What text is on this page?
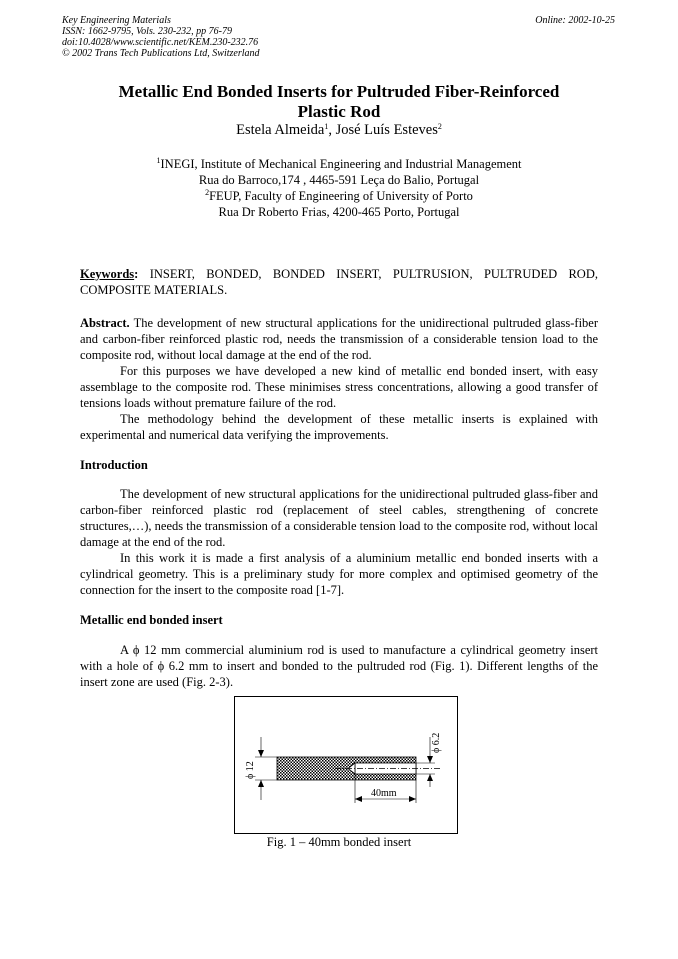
Key Engineering Materials
ISSN: 1662-9795, Vols. 230-232, pp 76-79
doi:10.4028/www.scientific.net/KEM.230-232.76
© 2002 Trans Tech Publications Ltd, Switzerland
Online: 2002-10-25
Metallic End Bonded Inserts for Pultruded Fiber-Reinforced
Plastic Rod
Estela Almeida$^1$, José Luís Esteves$^2$
$^1$INEGI, Institute of Mechanical Engineering and Industrial Management
Rua do Barroco,174 , 4465-591 Leça do Balio, Portugal
$^2$FEUP, Faculty of Engineering of University of Porto
Rua Dr Roberto Frias, 4200-465 Porto, Portugal
Keywords: INSERT, BONDED, BONDED INSERT, PULTRUSION, PULTRUDED ROD, COMPOSITE MATERIALS.

Abstract. The development of new structural applications for the unidirectional pultruded glass-fiber and carbon-fiber reinforced plastic rod, needs the transmission of a considerable tension load to the composite rod, without local damage at the end of the rod.

For this purposes we have developed a new kind of metallic end bonded insert, with easy assemblage to the composite rod. These minimises stress concentrations, allowing a good transfer of tensions loads without premature failure of the rod.

The methodology behind the development of these metallic inserts is explained with experimental and numerical data verifying the improvements.

Introduction

The development of new structural applications for the unidirectional pultruded glass-fiber and carbon-fiber reinforced plastic rod (replacement of steel cables, strengthening of concrete structures,…), needs the transmission of a considerable tension load to the composite rod, without local damage at the end of the rod.

In this work it is made a first analysis of a aluminium metallic end bonded inserts with a cylindrical geometry. This is a preliminary study for more complex and optimised geometry of the connection for the insert to the composite road [1-7].

Metallic end bonded insert

A ϕ 12 mm commercial aluminium rod is used to manufacture a cylindrical geometry insert with a hole of ϕ 6.2 mm to insert and bonded to the pultruded rod (Fig. 1). Different lengths of the insert zone are used (Fig. 2-3).

ϕ 12
ϕ 6.2
40mm
Fig. 1 – 40mm bonded insert
